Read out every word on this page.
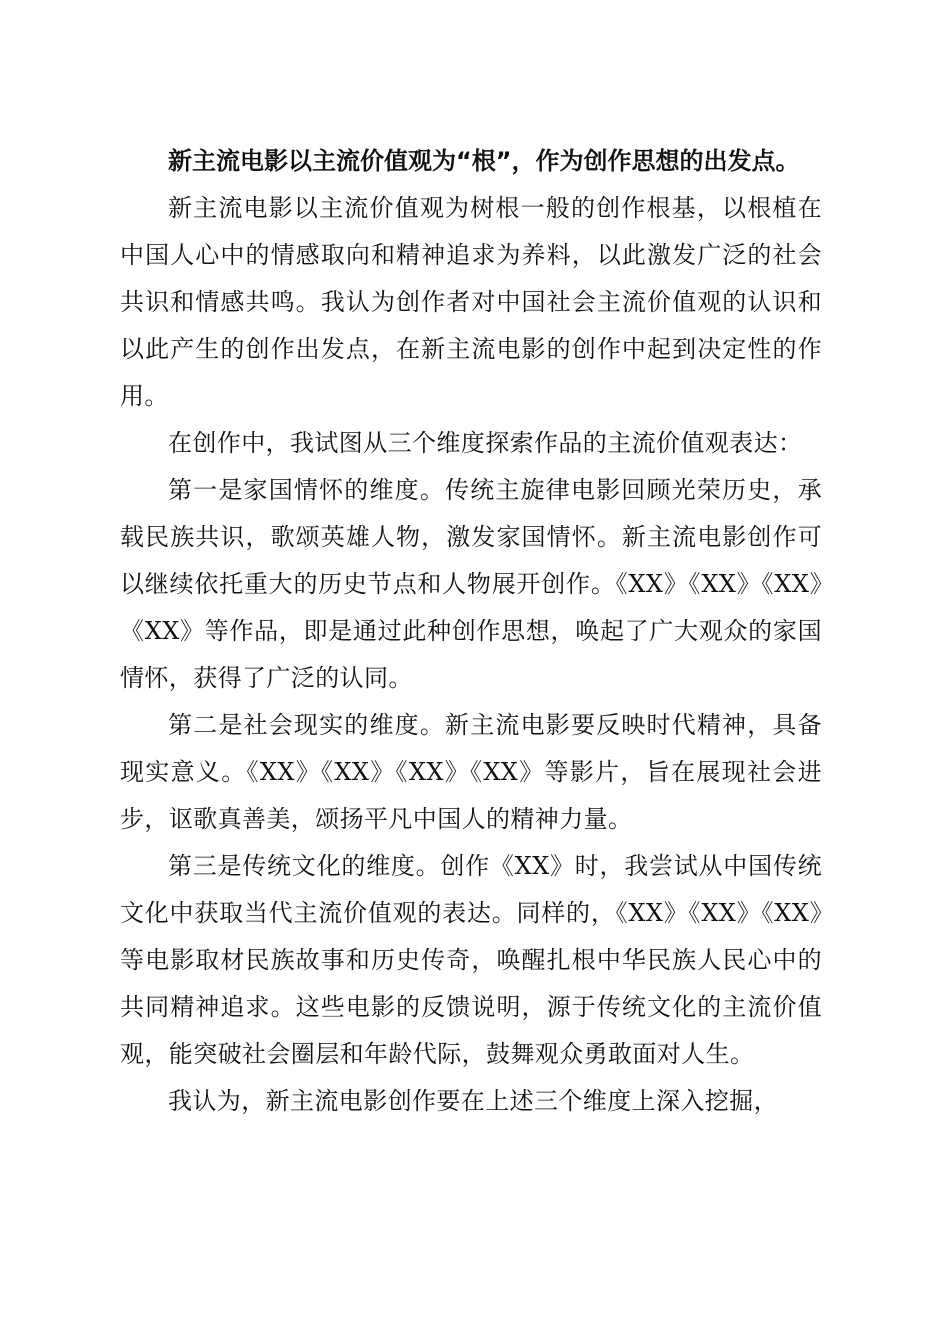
新主流电影以主流价值观为“根”，作为创作思想的出发点。

新主流电影以主流价值观为树根一般的创作根基，以根植在中国人心中的情感取向和精神追求为养料，以此激发广泛的社会共识和情感共鸣。我认为创作者对中国社会主流价值观的认识和以此产生的创作出发点，在新主流电影的创作中起到决定性的作用。

在创作中，我试图从三个维度探索作品的主流价值观表达：

第一是家国情怀的维度。传统主旋律电影回顾光荣历史，承载民族共识，歌颂英雄人物，激发家国情怀。新主流电影创作可以继续依托重大的历史节点和人物展开创作。《XX》《XX》《XX》《XX》等作品，即是通过此种创作思想，唤起了广大观众的家国情怀，获得了广泛的认同。

第二是社会现实的维度。新主流电影要反映时代精神，具备现实意义。《XX》《XX》《XX》《XX》等影片，旨在展现社会进步，讴歌真善美，颂扬平凡中国人的精神力量。

第三是传统文化的维度。创作《XX》时，我尝试从中国传统文化中获取当代主流价值观的表达。同样的，《XX》《XX》《XX》等电影取材民族故事和历史传奇，唤醒扎根中华民族人民心中的共同精神追求。这些电影的反馈说明，源于传统文化的主流价值观，能突破社会圈层和年龄代际，鼓舞观众勇敢面对人生。

我认为，新主流电影创作要在上述三个维度上深入挖掘，
